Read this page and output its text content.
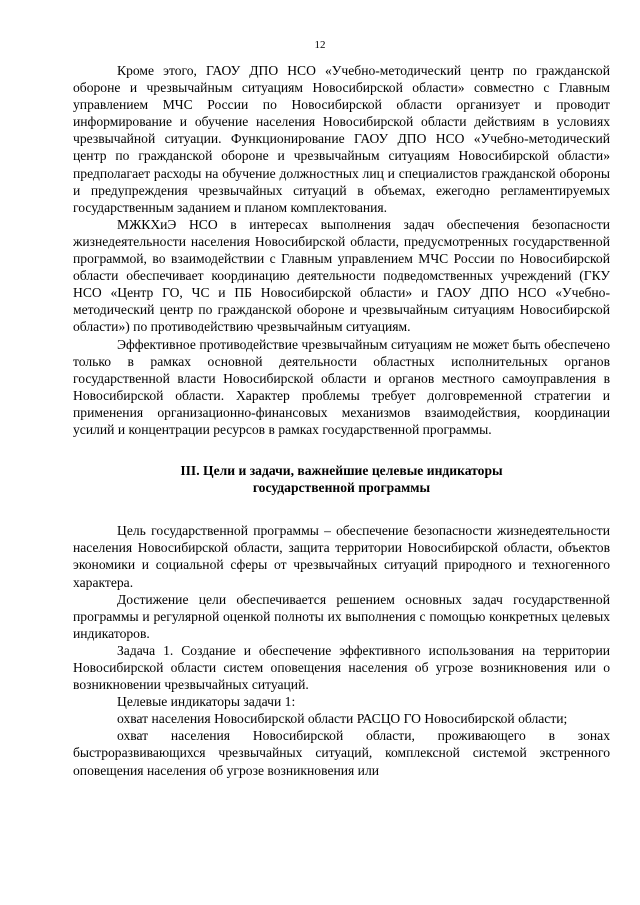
12

Кроме этого, ГАОУ ДПО НСО «Учебно-методический центр по гражданской обороне и чрезвычайным ситуациям Новосибирской области» совместно с Главным управлением МЧС России по Новосибирской области организует и проводит информирование и обучение населения Новосибирской области действиям в условиях чрезвычайной ситуации. Функционирование ГАОУ ДПО НСО «Учебно-методический центр по гражданской обороне и чрезвычайным ситуациям Новосибирской области» предполагает расходы на обучение должностных лиц и специалистов гражданской обороны и предупреждения чрезвычайных ситуаций в объемах, ежегодно регламентируемых государственным заданием и планом комплектования.

МЖКХиЭ НСО в интересах выполнения задач обеспечения безопасности жизнедеятельности населения Новосибирской области, предусмотренных государственной программой, во взаимодействии с Главным управлением МЧС России по Новосибирской области обеспечивает координацию деятельности подведомственных учреждений (ГКУ НСО «Центр ГО, ЧС и ПБ Новосибирской области» и ГАОУ ДПО НСО «Учебно-методический центр по гражданской обороне и чрезвычайным ситуациям Новосибирской области») по противодействию чрезвычайным ситуациям.

Эффективное противодействие чрезвычайным ситуациям не может быть обеспечено только в рамках основной деятельности областных исполнительных органов государственной власти Новосибирской области и органов местного самоуправления в Новосибирской области. Характер проблемы требует долговременной стратегии и применения организационно-финансовых механизмов взаимодействия, координации усилий и концентрации ресурсов в рамках государственной программы.

III. Цели и задачи, важнейшие целевые индикаторы
государственной программы

Цель государственной программы – обеспечение безопасности жизнедеятельности населения Новосибирской области, защита территории Новосибирской области, объектов экономики и социальной сферы от чрезвычайных ситуаций природного и техногенного характера.

Достижение цели обеспечивается решением основных задач государственной программы и регулярной оценкой полноты их выполнения с помощью конкретных целевых индикаторов.

Задача 1. Создание и обеспечение эффективного использования на территории Новосибирской области систем оповещения населения об угрозе возникновения или о возникновении чрезвычайных ситуаций.

Целевые индикаторы задачи 1:

охват населения Новосибирской области РАСЦО ГО Новосибирской области;

охват населения Новосибирской области, проживающего в зонах быстроразвивающихся чрезвычайных ситуаций, комплексной системой экстренного оповещения населения об угрозе возникновения или
